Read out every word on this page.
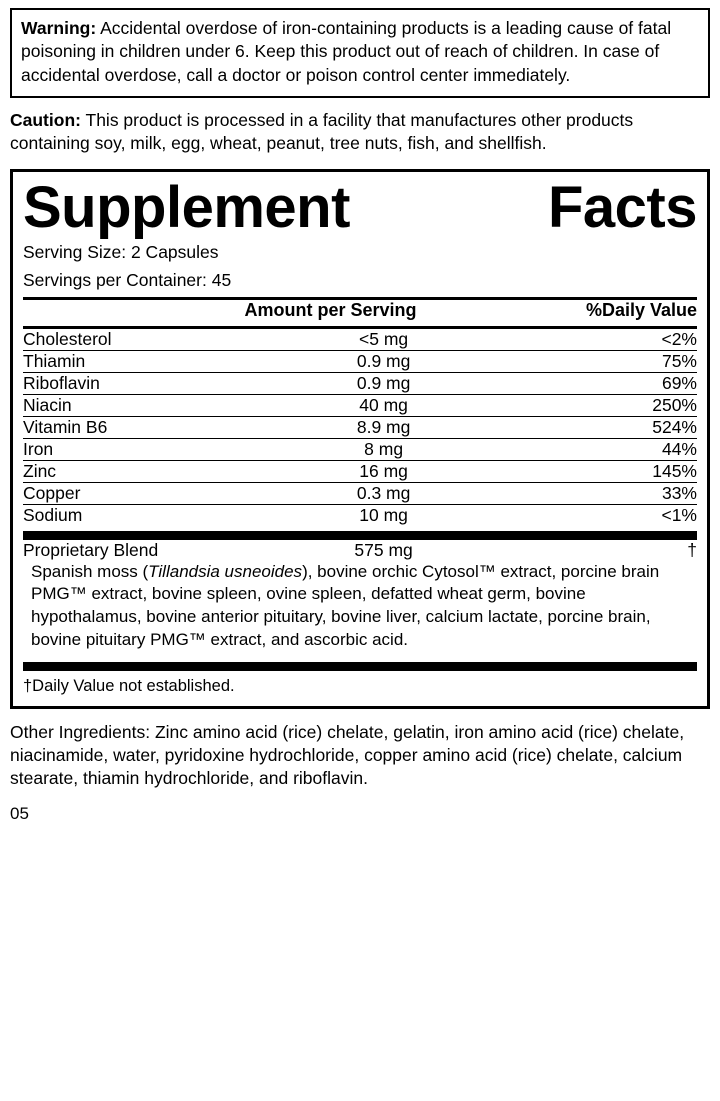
Warning: Accidental overdose of iron-containing products is a leading cause of fatal poisoning in children under 6. Keep this product out of reach of children. In case of accidental overdose, call a doctor or poison control center immediately.

Caution: This product is processed in a facility that manufactures other products containing soy, milk, egg, wheat, peanut, tree nuts, fish, and shellfish.

Supplement	Facts
Serving Size: 2 Capsules
Servings per Container: 45
	Amount per Serving	%Daily Value
Cholesterol	<5 mg	<2%
Thiamin	0.9 mg	75%
Riboflavin	0.9 mg	69%
Niacin	40 mg	250%
Vitamin B6	8.9 mg	524%
Iron	8 mg	44%
Zinc	16 mg	145%
Copper	0.3 mg	33%
Sodium	10 mg	<1%
Proprietary Blend	575 mg	†

Spanish moss (Tillandsia usneoides), bovine orchic Cytosol™ extract, porcine brain PMG™ extract, bovine spleen, ovine spleen, defatted wheat germ, bovine hypothalamus, bovine anterior pituitary, bovine liver, calcium lactate, porcine brain, bovine pituitary PMG™ extract, and ascorbic acid.

†Daily Value not established.

Other Ingredients: Zinc amino acid (rice) chelate, gelatin, iron amino acid (rice) chelate, niacinamide, water, pyridoxine hydrochloride, copper amino acid (rice) chelate, calcium stearate, thiamin hydrochloride, and riboflavin.

05
